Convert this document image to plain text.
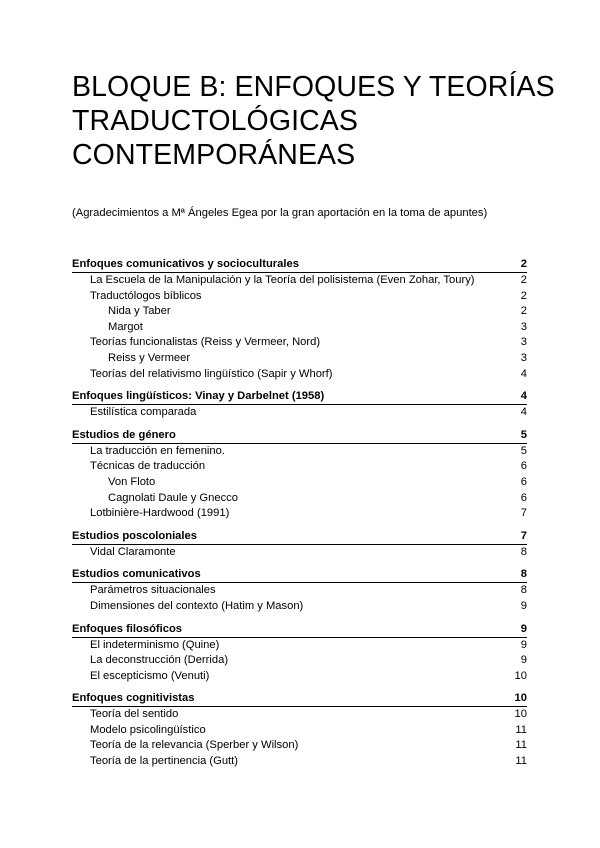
BLOQUE B: ENFOQUES Y TEORÍAS
TRADUCTOLÓGICAS
CONTEMPORÁNEAS
(Agradecimientos a Mª Ángeles Egea por la gran aportación en la toma de apuntes)
Enfoques comunicativos y socioculturales	2
La Escuela de la Manipulación y la Teoría del polisistema (Even Zohar, Toury)	2
Traductólogos bíblicos	2
Nida y Taber	2
Margot	3
Teorías funcionalistas (Reiss y Vermeer, Nord)	3
Reiss y Vermeer	3
Teorías del relativismo lingüístico (Sapir y Whorf)	4
Enfoques lingüísticos: Vinay y Darbelnet (1958)	4
Estilística comparada	4
Estudios de género	5
La traducción en femenino.	5
Técnicas de traducción	6
Von Floto	6
Cagnolati Daule y Gnecco	6
Lotbinière-Hardwood (1991)	7
Estudios poscoloniales	7
Vidal Claramonte	8
Estudios comunicativos	8
Parámetros situacionales	8
Dimensiones del contexto (Hatim y Mason)	9
Enfoques filosóficos	9
El indeterminismo (Quine)	9
La deconstrucción (Derrida)	9
El escepticismo (Venuti)	10
Enfoques cognitivistas	10
Teoría del sentido	10
Modelo psicolingüístico	11
Teoría de la relevancia (Sperber y Wilson)	11
Teoría de la pertinencia (Gutt)	11
